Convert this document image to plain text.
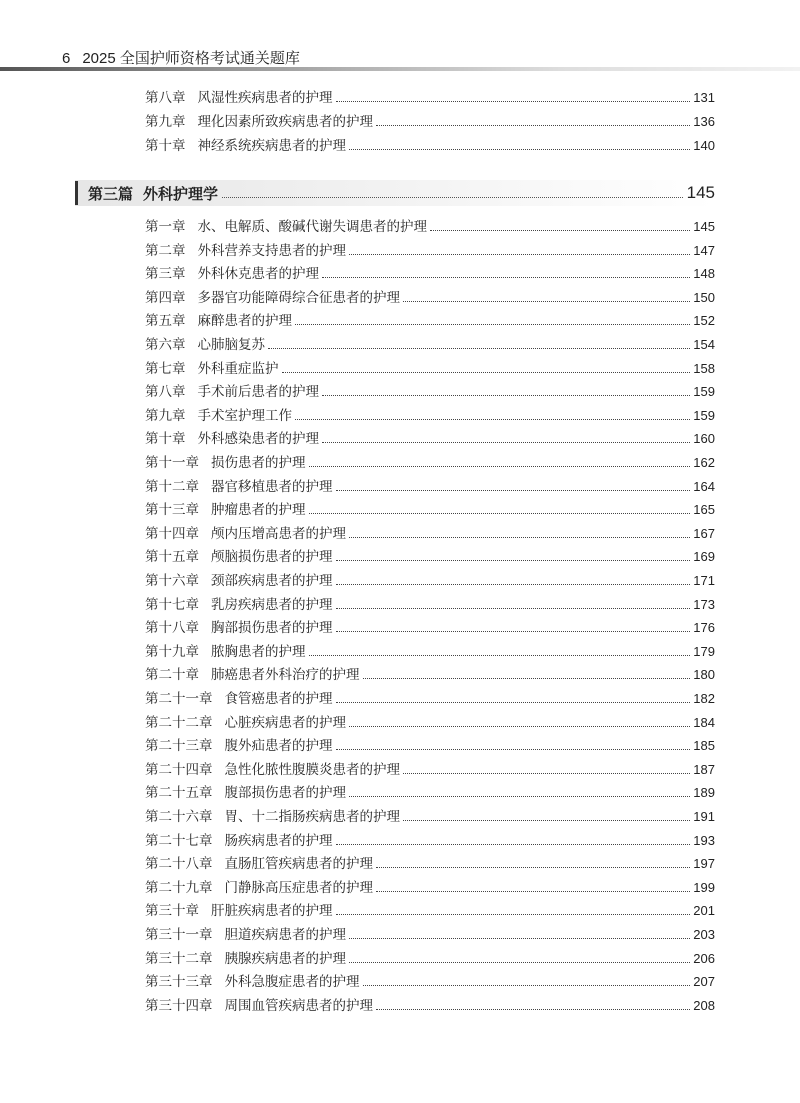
6 2025 全国护师资格考试通关题库
第八章 风湿性疾病患者的护理	131
第九章 理化因素所致疾病患者的护理	136
第十章 神经系统疾病患者的护理	140
第三篇 外科护理学	145
第一章 水、电解质、酸碱代谢失调患者的护理	145
第二章 外科营养支持患者的护理	147
第三章 外科休克患者的护理	148
第四章 多器官功能障碍综合征患者的护理	150
第五章 麻醉患者的护理	152
第六章 心肺脑复苏	154
第七章 外科重症监护	158
第八章 手术前后患者的护理	159
第九章 手术室护理工作	159
第十章 外科感染患者的护理	160
第十一章 损伤患者的护理	162
第十二章 器官移植患者的护理	164
第十三章 肿瘤患者的护理	165
第十四章 颅内压增高患者的护理	167
第十五章 颅脑损伤患者的护理	169
第十六章 颈部疾病患者的护理	171
第十七章 乳房疾病患者的护理	173
第十八章 胸部损伤患者的护理	176
第十九章 脓胸患者的护理	179
第二十章 肺癌患者外科治疗的护理	180
第二十一章 食管癌患者的护理	182
第二十二章 心脏疾病患者的护理	184
第二十三章 腹外疝患者的护理	185
第二十四章 急性化脓性腹膜炎患者的护理	187
第二十五章 腹部损伤患者的护理	189
第二十六章 胃、十二指肠疾病患者的护理	191
第二十七章 肠疾病患者的护理	193
第二十八章 直肠肛管疾病患者的护理	197
第二十九章 门静脉高压症患者的护理	199
第三十章 肝脏疾病患者的护理	201
第三十一章 胆道疾病患者的护理	203
第三十二章 胰腺疾病患者的护理	206
第三十三章 外科急腹症患者的护理	207
第三十四章 周围血管疾病患者的护理	208
